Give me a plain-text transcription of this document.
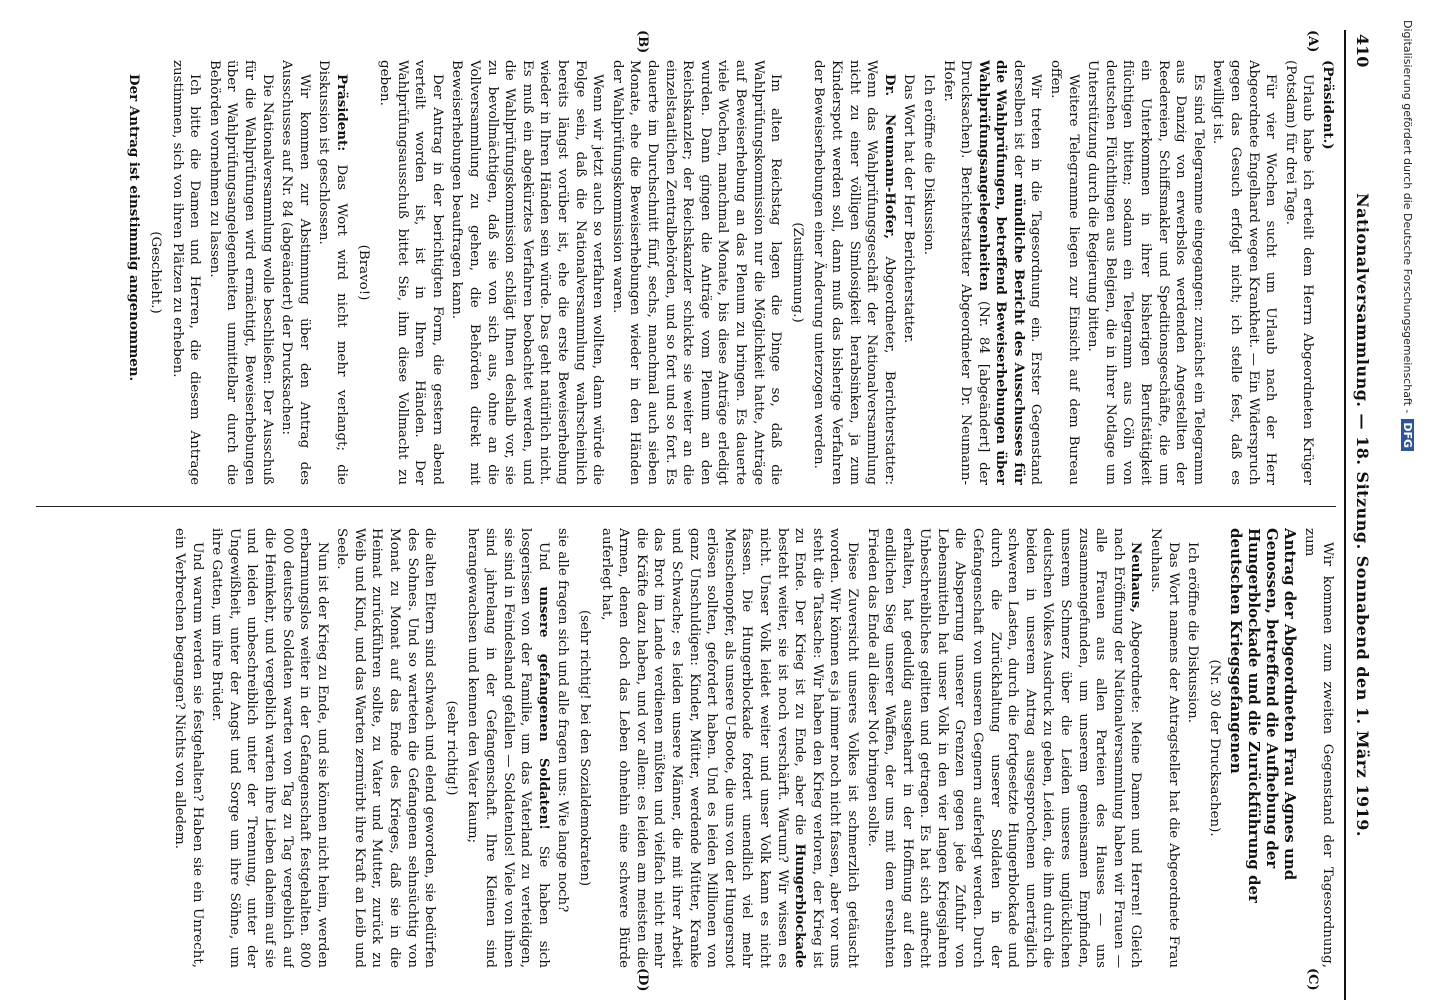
410
Nationalversammlung. — 18. Sitzung. Sonnabend den 1. März 1919.
(A)
(B)
(C)
(D)

(Präsident.)

Urlaub habe ich erteilt dem Herrn Abgeordneten Krüger (Potsdam) für drei Tage.

Für vier Wochen sucht um Urlaub nach der Herr Abgeordnete Engelhard wegen Krankheit. — Ein Widerspruch gegen das Gesuch erfolgt nicht; ich stelle fest, daß es bewilligt ist.

Es sind Telegramme eingegangen: zunächst ein Telegramm aus Danzig von erwerbslos werdenden Angestellten der Reedereien, Schiffsmakler und Speditionsgeschäfte, die um ein Unterkommen in ihrer bisherigen Berufstätigkeit flüchtigen bitten; sodann ein Telegramm aus Cöln von deutschen Flüchtlingen aus Belgien, die in ihrer Notlage um Unterstützung durch die Regierung bitten.

Weitere Telegramme liegen zur Einsicht auf dem Bureau offen.

Wir treten in die Tagesordnung ein. Erster Gegenstand derselben ist der mündliche Bericht des Ausschusses für die Wahlprüfungen, betreffend Beweiserhebungen über Wahlprüfungsangelegenheiten (Nr. 84 [abgeändert] der Drucksachen). Berichterstatter Abgeordneter Dr. Neumann-Hofer.

Ich eröffne die Diskussion.

Das Wort hat der Herr Berichterstatter.

Dr. Neumann-Hofer, Abgeordneter, Berichterstatter: Wenn das Wahlprüfungsgeschäft der Nationalversammlung nicht zu einer völligen Simlosigkeit herabsinken, ja zum Kinderspott werden soll, dann muß das bisherige Verfahren der Beweiserhebungen einer Änderung unterzogen werden.

(Zustimmung.)

Im alten Reichstag lagen die Dinge so, daß die Wahlprüfungskommission nur die Möglichkeit hatte, Anträge auf Beweiserhebung an das Plenum zu bringen. Es dauerte viele Wochen, manchmal Monate, bis diese Anträge erledigt wurden. Dann gingen die Anträge vom Plenum an den Reichskanzler; der Reichskanzler schickte sie weiter an die einzelstaatlichen Zentralbehörden, und so fort und so fort. Es dauerte im Durchschnitt fünf, sechs, manchmal auch sieben Monate, ehe die Beweiserhebungen wieder in den Händen der Wahlprüfungskommission waren.

Wenn wir jetzt auch so verfahren wollten, dann würde die Folge sein, daß die Nationalversammlung wahrscheinlich bereits längst vorüber ist, ehe die erste Beweiserhebung wieder in Ihren Händen sein würde. Das geht natürlich nicht. Es muß ein abgekürztes Verfahren beobachtet werden, und die Wahlprüfungskommission schlägt Ihnen deshalb vor, sie zu bevollmächtigen, daß sie von sich aus, ohne an die Vollversammlung zu gehen, die Behörden direkt mit Beweiserhebungen beauftragen kann.

Der Antrag in der berichtigten Form, die gestern abend verteilt worden ist, ist in Ihren Händen. Der Wahlprüfungsausschuß bittet Sie, ihm diese Vollmacht zu geben.

(Bravo!)

Präsident: Das Wort wird nicht mehr verlangt; die Diskussion ist geschlossen.

Wir kommen zur Abstimmung über den Antrag des Ausschusses auf Nr. 84 (abgeändert) der Drucksachen:

Die Nationalversammlung wolle beschließen: Der Ausschuß für die Wahlprüfungen wird ermächtigt, Beweiserhebungen über Wahlprüfungsangelegenheiten unmittelbar durch die Behörden vornehmen zu lassen.

Ich bitte die Damen und Herren, die diesem Antrage zustimmen, sich von ihren Plätzen zu erheben.

(Geschieht.)

Der Antrag ist einstimmig angenommen.

Wir kommen zum zweiten Gegenstand der Tagesordnung, zum

Antrag der Abgeordneten Frau Agnes und Genossen, betreffend die Aufhebung der Hungerblockade und die Zurückführung der deutschen Kriegsgefangenen

(Nr. 30 der Drucksachen).

Ich eröffne die Diskussion.

Das Wort namens der Antragsteller hat die Abgeordnete Frau Neuhaus.

Neuhaus, Abgeordnete: Meine Damen und Herren! Gleich nach Eröffnung der Nationalversammlung haben wir Frauen — alle Frauen aus allen Parteien des Hauses — uns zusammengefunden, um unserem gemeinsamen Empfinden, unserem Schmerz über die Leiden unseres unglücklichen deutschen Volkes Ausdruck zu geben, Leiden, die ihm durch die beiden in unserem Antrag ausgesprochenen unerträglich schweren Lasten, durch die fortgesetzte Hungerblockade und durch die Zurückhaltung unserer Soldaten in der Gefangenschaft von unseren Gegnern auferlegt werden. Durch die Absperrung unserer Grenzen gegen jede Zufuhr von Lebensmitteln hat unser Volk in den vier langen Kriegsjahren Unbeschreibliches gelitten und getragen. Es hat sich aufrecht erhalten, hat geduldig ausgeharrt in der Hoffnung auf den endlichen Sieg unserer Waffen, der uns mit dem ersehnten Frieden das Ende all dieser Not bringen sollte.

Diese Zuversicht unseres Volkes ist schmerzlich getäuscht worden. Wir können es ja immer noch nicht fassen, aber vor uns steht die Tatsache: Wir haben den Krieg verloren, der Krieg ist zu Ende. Der Krieg ist zu Ende, aber die Hungerblockade besteht weiter, sie ist noch verschärft. Warum? Wir wissen es nicht. Unser Volk leidet weiter und unser Volk kann es nicht fassen. Die Hungerblockade fordert unendlich viel mehr Menschenopfer, als unsere U-Boote, die uns von der Hungersnot erlösen sollten, gefordert haben. Und es leiden Millionen von ganz Unschuldigen: Kinder, Mütter, werdende Mütter, Kranke und Schwache; es leiden unsere Männer, die mit ihrer Arbeit das Brot im Lande verdienen müßten und vielfach nicht mehr die Kräfte dazu haben, und vor allem: es leiden am meisten die Armen, denen doch das Leben ohnehin eine schwere Bürde auferlegt hat,

(sehr richtig! bei den Sozialdemokraten)

sie alle fragen sich und alle fragen uns: Wie lange noch?

Und unsere gefangenen Soldaten! Sie haben sich losgerissen von der Familie, um das Vaterland zu verteidigen, sie sind in Feindeshand gefallen — Soldatenlos! Viele von ihnen sind jahrelang in der Gefangenschaft. Ihre Kleinen sind herangewachsen und kennen den Vater kaum;

(sehr richtig!)

die alten Eltern sind schwach und elend geworden, sie bedürfen des Sohnes. Und so warteten die Gefangenen sehnsüchtig von Monat zu Monat auf das Ende des Krieges, daß sie in die Heimat zurückführen sollte, zu Vater und Mutter, zurück zu Weib und Kind, und das Warten zermürbt ihre Kraft an Leib und Seele.

Nun ist der Krieg zu Ende, und sie können nicht heim, werden erbarmungslos weiter in der Gefangenschaft festgehalten. 800 000 deutsche Soldaten warten von Tag zu Tag vergeblich auf die Heimkehr, und vergeblich warten ihre Lieben daheim auf sie und leiden unbeschreiblich unter der Trennung, unter der Ungewißheit, unter der Angst und Sorge um ihre Söhne, um ihre Gatten, um ihre Brüder.

Und warum werden sie festgehalten? Haben sie ein Unrecht, ein Verbrechen begangen? Nichts von alledem.

Digitalisierung gefördert durch die Deutsche Forschungsgemeinschaft -DFG
